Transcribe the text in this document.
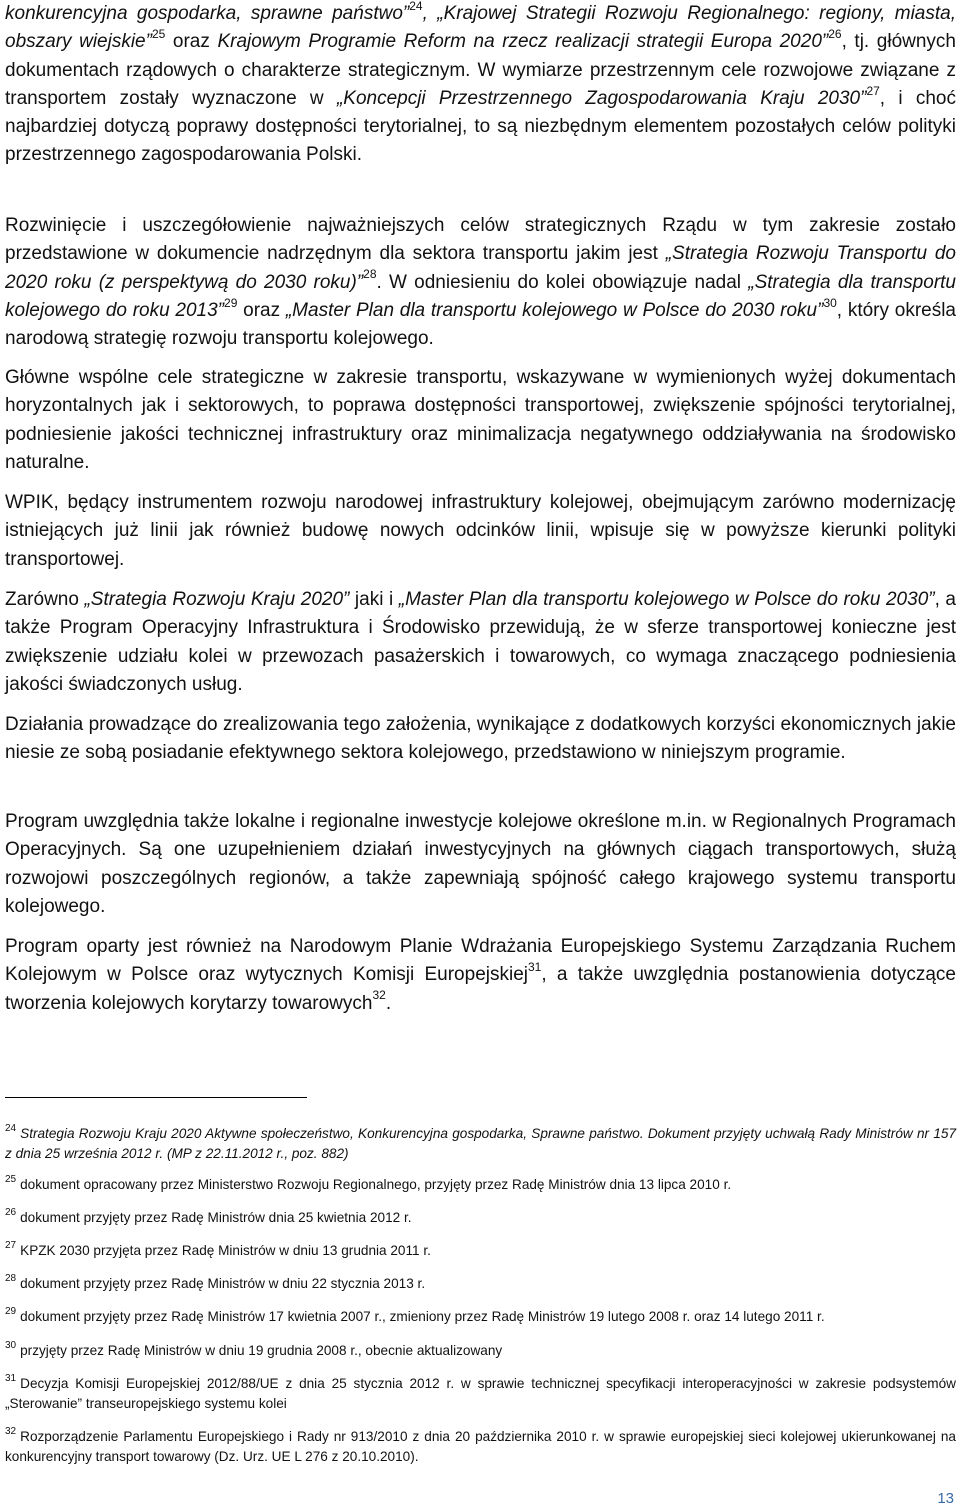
konkurencyjna gospodarka, sprawne państwo”$^{24}$, „Krajowej Strategii Rozwoju Regionalnego: regiony, miasta, obszary wiejskie”$^{25}$ oraz Krajowym Programie Reform na rzecz realizacji strategii Europa 2020”$^{26}$, tj. głównych dokumentach rządowych o charakterze strategicznym. W wymiarze przestrzennym cele rozwojowe związane z transportem zostały wyznaczone w „Koncepcji Przestrzennego Zagospodarowania Kraju 2030”$^{27}$, i choć najbardziej dotyczą poprawy dostępności terytorialnej, to są niezbędnym elementem pozostałych celów polityki przestrzennego zagospodarowania Polski.

Rozwinięcie i uszczegółowienie najważniejszych celów strategicznych Rządu w tym zakresie zostało przedstawione w dokumencie nadrzędnym dla sektora transportu jakim jest „Strategia Rozwoju Transportu do 2020 roku (z perspektywą do 2030 roku)”$^{28}$. W odniesieniu do kolei obowiązuje nadal „Strategia dla transportu kolejowego do roku 2013”$^{29}$ oraz „Master Plan dla transportu kolejowego w Polsce do 2030 roku”$^{30}$, który określa narodową strategię rozwoju transportu kolejowego.

Główne wspólne cele strategiczne w zakresie transportu, wskazywane w wymienionych wyżej dokumentach horyzontalnych jak i sektorowych, to poprawa dostępności transportowej, zwiększenie spójności terytorialnej, podniesienie jakości technicznej infrastruktury oraz minimalizacja negatywnego oddziaływania na środowisko naturalne.

WPIK, będący instrumentem rozwoju narodowej infrastruktury kolejowej, obejmującym zarówno modernizację istniejących już linii jak również budowę nowych odcinków linii, wpisuje się w powyższe kierunki polityki transportowej.

Zarówno „Strategia Rozwoju Kraju 2020” jaki i „Master Plan dla transportu kolejowego w Polsce do roku 2030”, a także Program Operacyjny Infrastruktura i Środowisko przewidują, że w sferze transportowej konieczne jest zwiększenie udziału kolei w przewozach pasażerskich i towarowych, co wymaga znaczącego podniesienia jakości świadczonych usług.

Działania prowadzące do zrealizowania tego założenia, wynikające z dodatkowych korzyści ekonomicznych jakie niesie ze sobą posiadanie efektywnego sektora kolejowego, przedstawiono w niniejszym programie.

Program uwzględnia także lokalne i regionalne inwestycje kolejowe określone m.in. w Regionalnych Programach Operacyjnych. Są one uzupełnieniem działań inwestycyjnych na głównych ciągach transportowych, służą rozwojowi poszczególnych regionów, a także zapewniają spójność całego krajowego systemu transportu kolejowego.

Program oparty jest również na Narodowym Planie Wdrażania Europejskiego Systemu Zarządzania Ruchem Kolejowym w Polsce oraz wytycznych Komisji Europejskiej$^{31}$, a także uwzględnia postanowienia dotyczące tworzenia kolejowych korytarzy towarowych$^{32}$.

$^{24}$ Strategia Rozwoju Kraju 2020 Aktywne społeczeństwo, Konkurencyjna gospodarka, Sprawne państwo. Dokument przyjęty uchwałą Rady Ministrów nr 157 z dnia 25 września 2012 r. (MP z 22.11.2012 r., poz. 882)

$^{25}$ dokument opracowany przez Ministerstwo Rozwoju Regionalnego, przyjęty przez Radę Ministrów dnia 13 lipca 2010 r.

$^{26}$ dokument przyjęty przez Radę Ministrów dnia 25 kwietnia 2012 r.

$^{27}$ KPZK 2030 przyjęta przez Radę Ministrów w dniu 13 grudnia 2011 r.

$^{28}$ dokument przyjęty przez Radę Ministrów w dniu 22 stycznia 2013 r.

$^{29}$ dokument przyjęty przez Radę Ministrów 17 kwietnia 2007 r., zmieniony przez Radę Ministrów 19 lutego 2008 r. oraz 14 lutego 2011 r.

$^{30}$ przyjęty przez Radę Ministrów w dniu 19 grudnia 2008 r., obecnie aktualizowany

$^{31}$ Decyzja Komisji Europejskiej 2012/88/UE z dnia 25 stycznia 2012 r. w sprawie technicznej specyfikacji interoperacyjności w zakresie podsystemów „Sterowanie” transeuropejskiego systemu kolei

$^{32}$ Rozporządzenie Parlamentu Europejskiego i Rady nr 913/2010 z dnia 20 października 2010 r. w sprawie europejskiej sieci kolejowej ukierunkowanej na konkurencyjny transport towarowy (Dz. Urz. UE L 276 z 20.10.2010).

13
